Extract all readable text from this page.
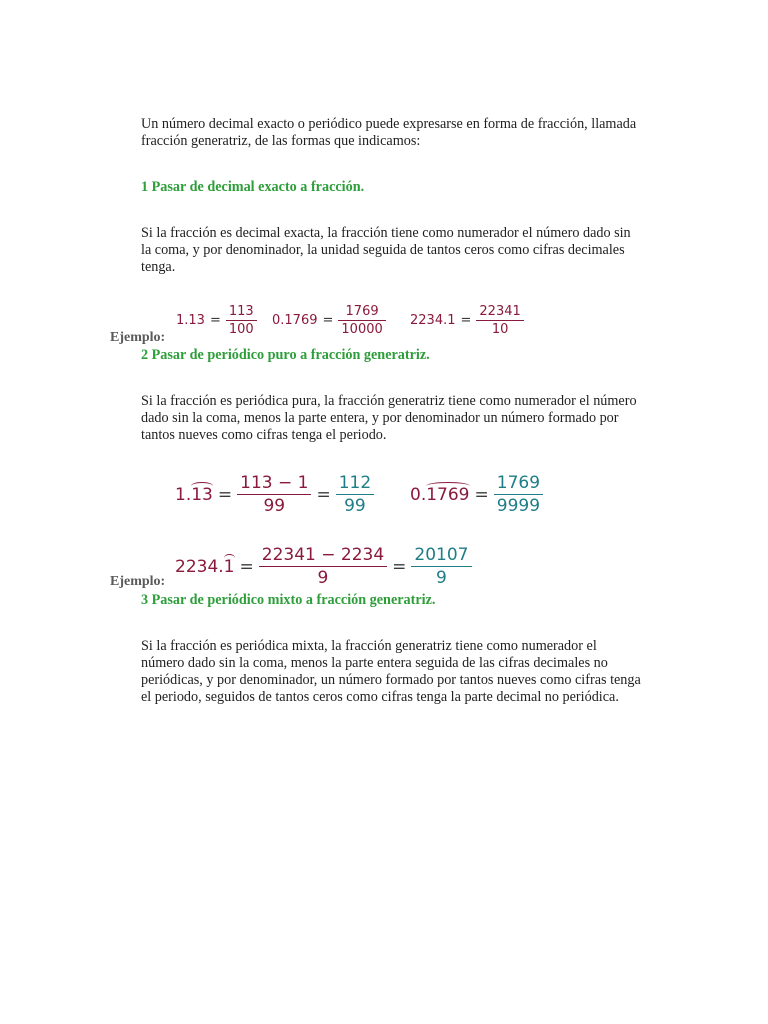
Un número decimal exacto o periódico puede expresarse en forma de fracción, llamada fracción generatriz, de las formas que indicamos:
1 Pasar de decimal exacto a fracción.
Si la fracción es decimal exacta, la fracción tiene como numerador el número dado sin la coma, y por denominador, la unidad seguida de tantos ceros como cifras decimales tenga.
$1.13 = \frac{113}{100} 0.1769 = \frac{1769}{10000} 2234.1 = \frac{22341}{10}$
Ejemplo:
2 Pasar de periódico puro a fracción generatriz.
Si la fracción es periódica pura, la fracción generatriz tiene como numerador el número dado sin la coma, menos la parte entera, y por denominador un número formado por tantos nueves como cifras tenga el periodo.
$1.13 = \frac{113 - 1}{99} = \frac{112}{99} 0.1769 = \frac{1769}{9999}$
$2234.1 = \frac{22341 - 2234}{9} = \frac{20107}{9}$
Ejemplo:
3 Pasar de periódico mixto a fracción generatriz.
Si la fracción es periódica mixta, la fracción generatriz tiene como numerador el número dado sin la coma, menos la parte entera seguida de las cifras decimales no periódicas, y por denominador, un número formado por tantos nueves como cifras tenga el periodo, seguidos de tantos ceros como cifras tenga la parte decimal no periódica.
